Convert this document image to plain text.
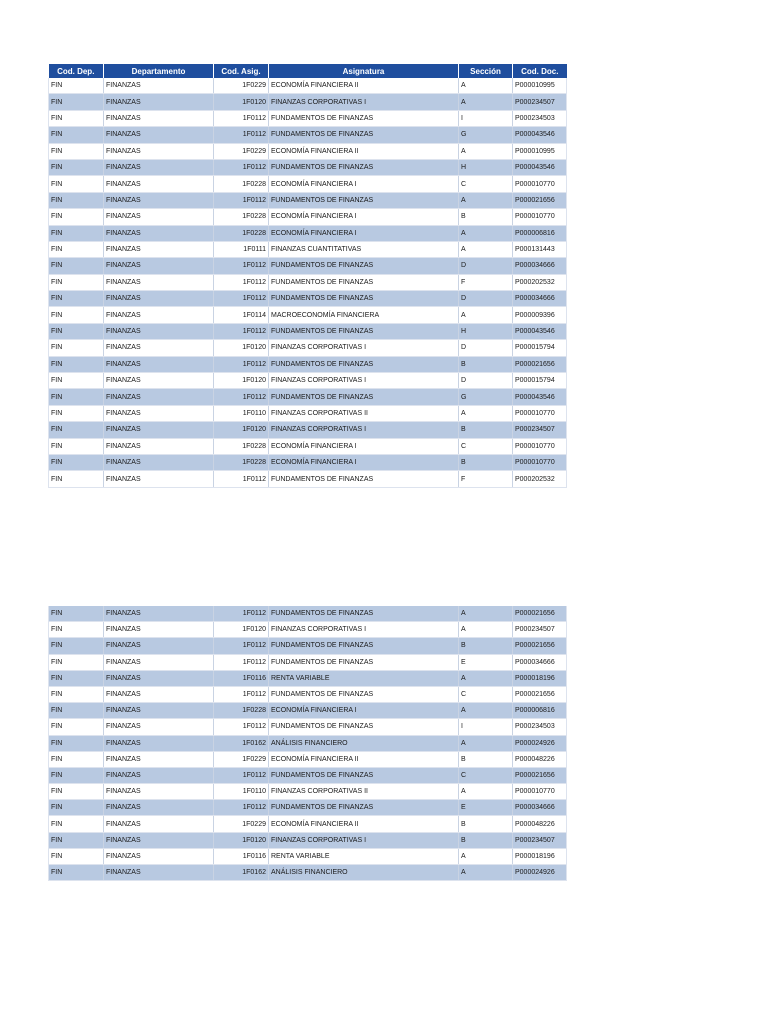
Cod. Dep.	Departamento	Cod. Asig.	Asignatura	Sección	Cod. Doc.
FIN	FINANZAS	1F0229	ECONOMÍA FINANCIERA II	A	P000010995
FIN	FINANZAS	1F0120	FINANZAS CORPORATIVAS I	A	P000234507
FIN	FINANZAS	1F0112	FUNDAMENTOS DE FINANZAS	I	P000234503
FIN	FINANZAS	1F0112	FUNDAMENTOS DE FINANZAS	G	P000043546
FIN	FINANZAS	1F0229	ECONOMÍA FINANCIERA II	A	P000010995
FIN	FINANZAS	1F0112	FUNDAMENTOS DE FINANZAS	H	P000043546
FIN	FINANZAS	1F0228	ECONOMÍA FINANCIERA I	C	P000010770
FIN	FINANZAS	1F0112	FUNDAMENTOS DE FINANZAS	A	P000021656
FIN	FINANZAS	1F0228	ECONOMÍA FINANCIERA I	B	P000010770
FIN	FINANZAS	1F0228	ECONOMÍA FINANCIERA I	A	P000006816
FIN	FINANZAS	1F0111	FINANZAS CUANTITATIVAS	A	P000131443
FIN	FINANZAS	1F0112	FUNDAMENTOS DE FINANZAS	D	P000034666
FIN	FINANZAS	1F0112	FUNDAMENTOS DE FINANZAS	F	P000202532
FIN	FINANZAS	1F0112	FUNDAMENTOS DE FINANZAS	D	P000034666
FIN	FINANZAS	1F0114	MACROECONOMÍA FINANCIERA	A	P000009396
FIN	FINANZAS	1F0112	FUNDAMENTOS DE FINANZAS	H	P000043546
FIN	FINANZAS	1F0120	FINANZAS CORPORATIVAS I	D	P000015794
FIN	FINANZAS	1F0112	FUNDAMENTOS DE FINANZAS	B	P000021656
FIN	FINANZAS	1F0120	FINANZAS CORPORATIVAS I	D	P000015794
FIN	FINANZAS	1F0112	FUNDAMENTOS DE FINANZAS	G	P000043546
FIN	FINANZAS	1F0110	FINANZAS CORPORATIVAS II	A	P000010770
FIN	FINANZAS	1F0120	FINANZAS CORPORATIVAS I	B	P000234507
FIN	FINANZAS	1F0228	ECONOMÍA FINANCIERA I	C	P000010770
FIN	FINANZAS	1F0228	ECONOMÍA FINANCIERA I	B	P000010770
FIN	FINANZAS	1F0112	FUNDAMENTOS DE FINANZAS	F	P000202532
FIN	FINANZAS	1F0112	FUNDAMENTOS DE FINANZAS	A	P000021656
FIN	FINANZAS	1F0120	FINANZAS CORPORATIVAS I	A	P000234507
FIN	FINANZAS	1F0112	FUNDAMENTOS DE FINANZAS	B	P000021656
FIN	FINANZAS	1F0112	FUNDAMENTOS DE FINANZAS	E	P000034666
FIN	FINANZAS	1F0116	RENTA VARIABLE	A	P000018196
FIN	FINANZAS	1F0112	FUNDAMENTOS DE FINANZAS	C	P000021656
FIN	FINANZAS	1F0228	ECONOMÍA FINANCIERA I	A	P000006816
FIN	FINANZAS	1F0112	FUNDAMENTOS DE FINANZAS	I	P000234503
FIN	FINANZAS	1F0162	ANÁLISIS FINANCIERO	A	P000024926
FIN	FINANZAS	1F0229	ECONOMÍA FINANCIERA II	B	P000048226
FIN	FINANZAS	1F0112	FUNDAMENTOS DE FINANZAS	C	P000021656
FIN	FINANZAS	1F0110	FINANZAS CORPORATIVAS II	A	P000010770
FIN	FINANZAS	1F0112	FUNDAMENTOS DE FINANZAS	E	P000034666
FIN	FINANZAS	1F0229	ECONOMÍA FINANCIERA II	B	P000048226
FIN	FINANZAS	1F0120	FINANZAS CORPORATIVAS I	B	P000234507
FIN	FINANZAS	1F0116	RENTA VARIABLE	A	P000018196
FIN	FINANZAS	1F0162	ANÁLISIS FINANCIERO	A	P000024926
